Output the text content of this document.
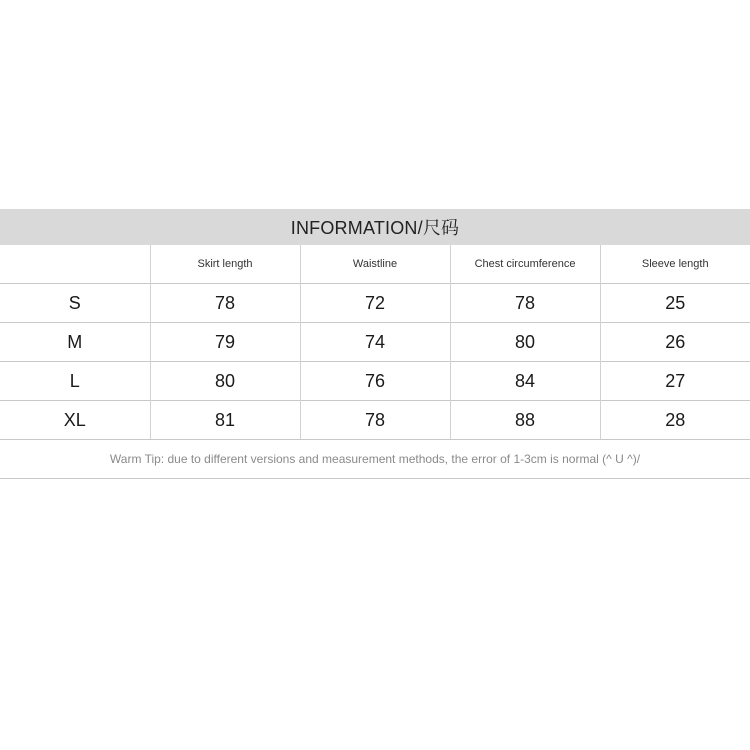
INFORMATION/尺码
	Skirt length	Waistline	Chest circumference	Sleeve length
S	78	72	78	25
M	79	74	80	26
L	80	76	84	27
XL	81	78	88	28
Warm Tip: due to different versions and measurement methods, the error of 1-3cm is normal (^ U ^)/
